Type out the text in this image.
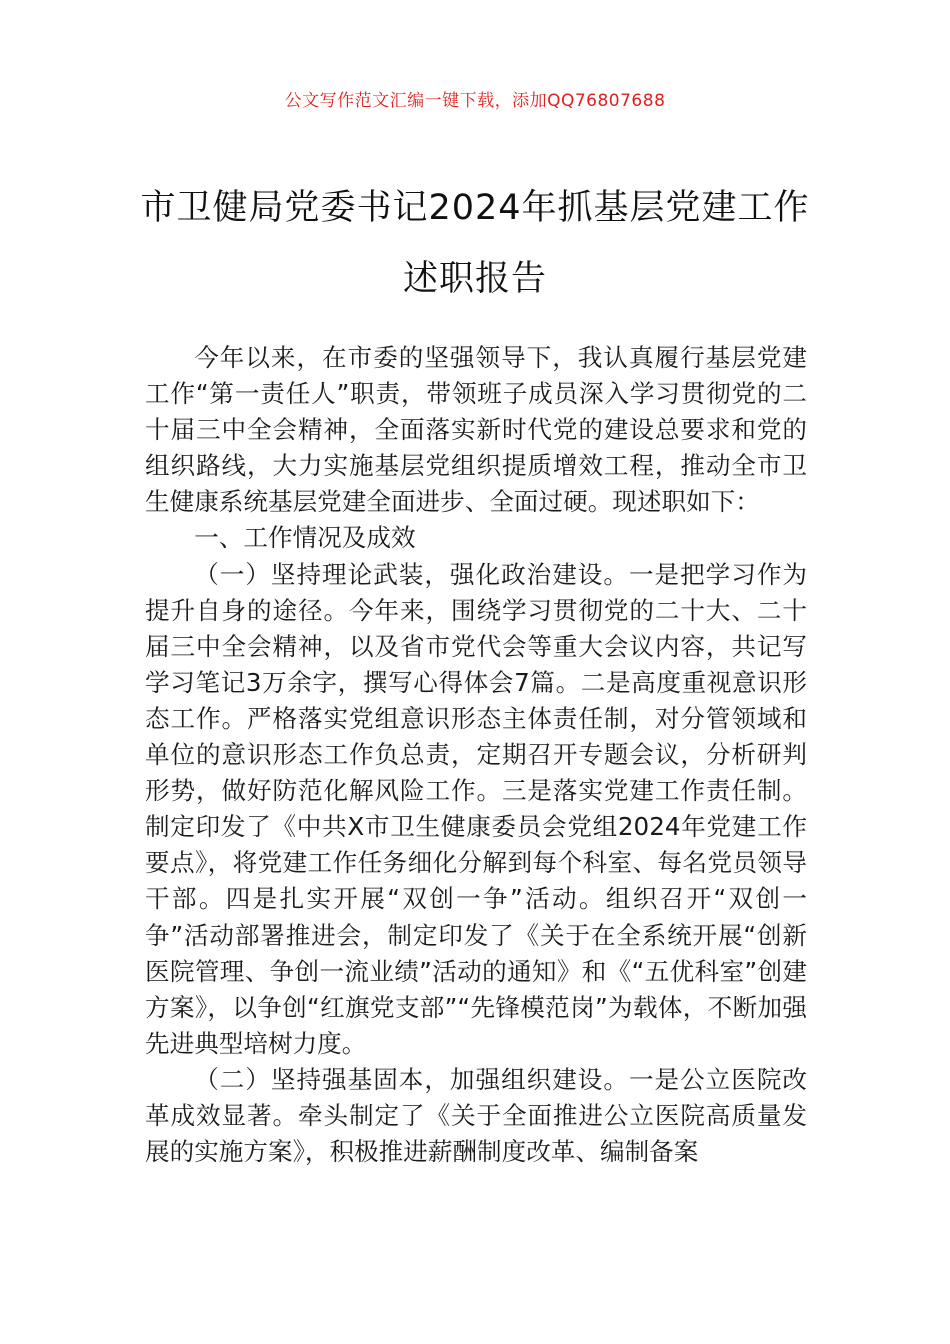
公文写作范文汇编一键下载，添加QQ76807688
市卫健局党委书记2024年抓基层党建工作
述职报告

今年以来，在市委的坚强领导下，我认真履行基层党建工作“第一责任人”职责，带领班子成员深入学习贯彻党的二十届三中全会精神，全面落实新时代党的建设总要求和党的组织路线，大力实施基层党组织提质增效工程，推动全市卫生健康系统基层党建全面进步、全面过硬。现述职如下：

一、工作情况及成效

（一）坚持理论武装，强化政治建设。一是把学习作为提升自身的途径。今年来，围绕学习贯彻党的二十大、二十届三中全会精神，以及省市党代会等重大会议内容，共记写学习笔记3万余字，撰写心得体会7篇。二是高度重视意识形态工作。严格落实党组意识形态主体责任制，对分管领域和单位的意识形态工作负总责，定期召开专题会议，分析研判形势，做好防范化解风险工作。三是落实党建工作责任制。制定印发了《中共X市卫生健康委员会党组2024年党建工作要点》，将党建工作任务细化分解到每个科室、每名党员领导干部。四是扎实开展“双创一争”活动。组织召开“双创一争”活动部署推进会，制定印发了《关于在全系统开展“创新医院管理、争创一流业绩”活动的通知》和《“五优科室”创建方案》，以争创“红旗党支部”“先锋模范岗”为载体，不断加强先进典型培树力度。

（二）坚持强基固本，加强组织建设。一是公立医院改革成效显著。牵头制定了《关于全面推进公立医院高质量发展的实施方案》，积极推进薪酬制度改革、编制备案
